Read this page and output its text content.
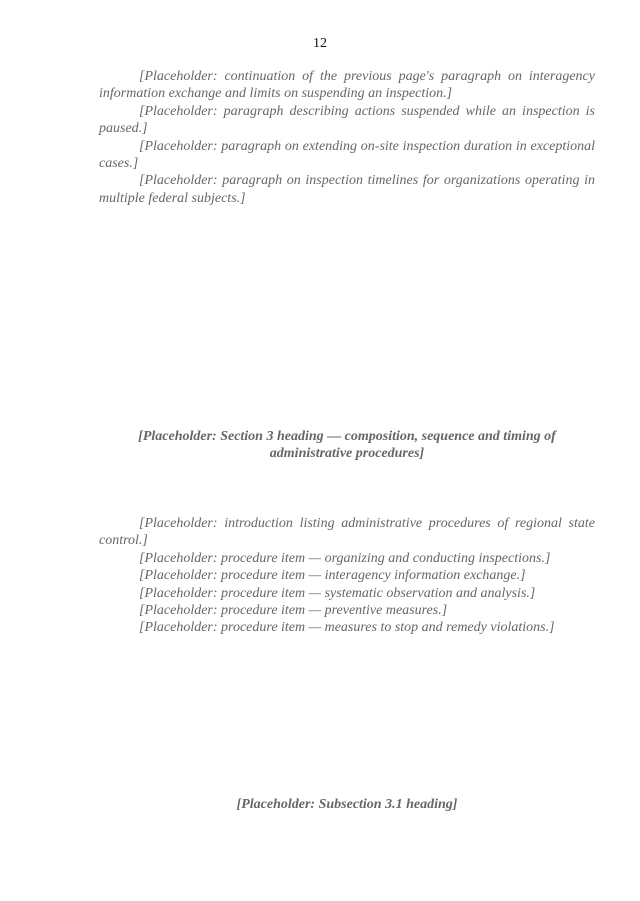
12

[Placeholder: continuation of the previous page's paragraph on interagency information exchange and limits on suspending an inspection.]

[Placeholder: paragraph describing actions suspended while an inspection is paused.]

[Placeholder: paragraph on extending on-site inspection duration in exceptional cases.]

[Placeholder: paragraph on inspection timelines for organizations operating in multiple federal subjects.]

[Placeholder: Section 3 heading — composition, sequence and timing of administrative procedures]

[Placeholder: introduction listing administrative procedures of regional state control.]

[Placeholder: procedure item — organizing and conducting inspections.]

[Placeholder: procedure item — interagency information exchange.]

[Placeholder: procedure item — systematic observation and analysis.]

[Placeholder: procedure item — preventive measures.]

[Placeholder: procedure item — measures to stop and remedy violations.]

[Placeholder: Subsection 3.1 heading]
